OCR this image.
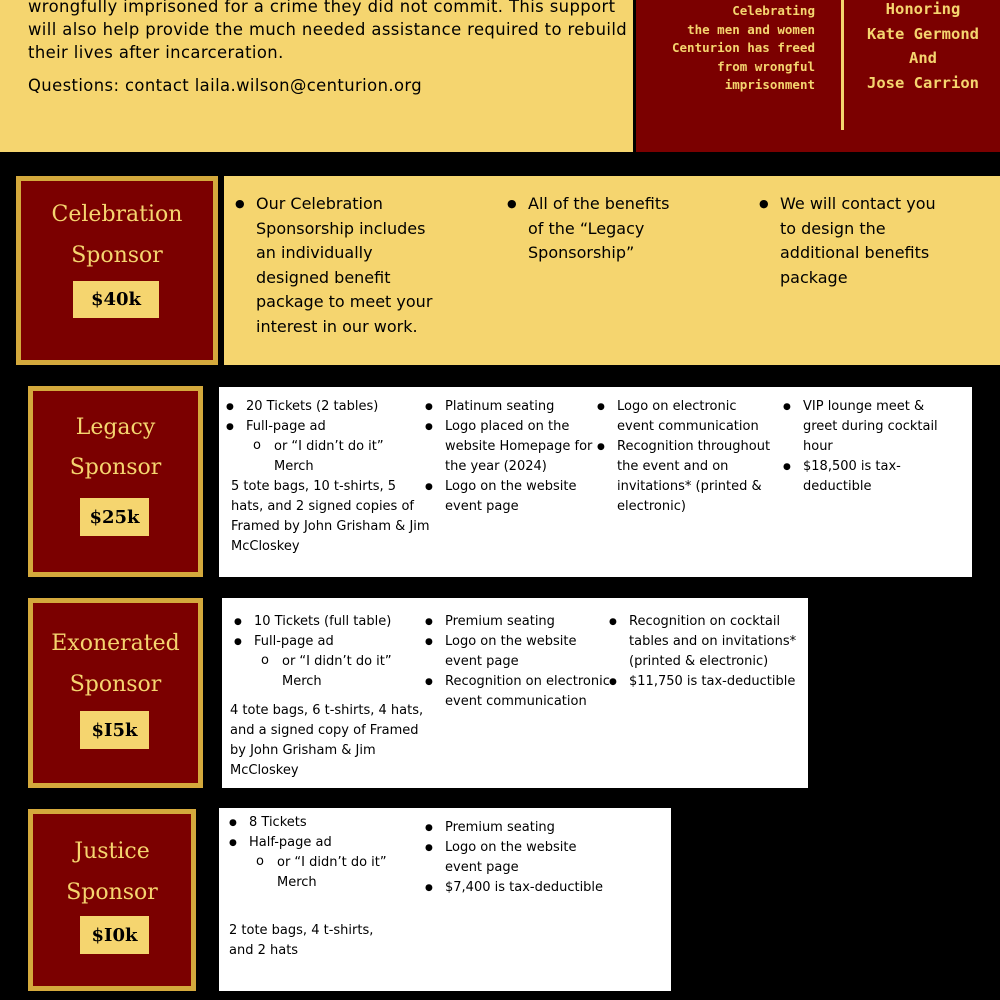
wrongfully imprisoned for a crime they did not commit. This support will also help provide the much needed assistance required to rebuild their lives after incarceration.

Questions: contact laila.wilson@centurion.org

Celebrating
the men and women
Centurion has freed
from wrongful
imprisonment
Honoring
Kate Germond
And
Jose Carrion
Celebration
Sponsor
$40k
● Our Celebration Sponsorship includes an individually designed benefit package to meet your interest in our work.
● All of the benefits of the “Legacy Sponsorship”
● We will contact you to design the additional benefits package
Legacy
Sponsor
$25k
● 20 Tickets (2 tables)
● Full-page ad
o or “I didn’t do it” Merch
5 tote bags, 10 t-shirts, 5 hats, and 2 signed copies of Framed by John Grisham & Jim McCloskey
● Platinum seating
● Logo placed on the website Homepage for the year (2024)
● Logo on the website event page
● Logo on electronic event communication
● Recognition throughout the event and on invitations* (printed & electronic)
● VIP lounge meet & greet during cocktail hour
● $18,500 is tax-deductible
Exonerated
Sponsor
$I5k
● 10 Tickets (full table)
● Full-page ad
o or “I didn’t do it” Merch
4 tote bags, 6 t-shirts, 4 hats, and a signed copy of Framed by John Grisham & Jim McCloskey
● Premium seating
● Logo on the website event page
● Recognition on electronic event communication
● Recognition on cocktail tables and on invitations* (printed & electronic)
● $11,750 is tax-deductible
Justice
Sponsor
$I0k
● 8 Tickets
● Half-page ad
o or “I didn’t do it” Merch
2 tote bags, 4 t-shirts, and 2 hats
● Premium seating
● Logo on the website event page
● $7,400 is tax-deductible
